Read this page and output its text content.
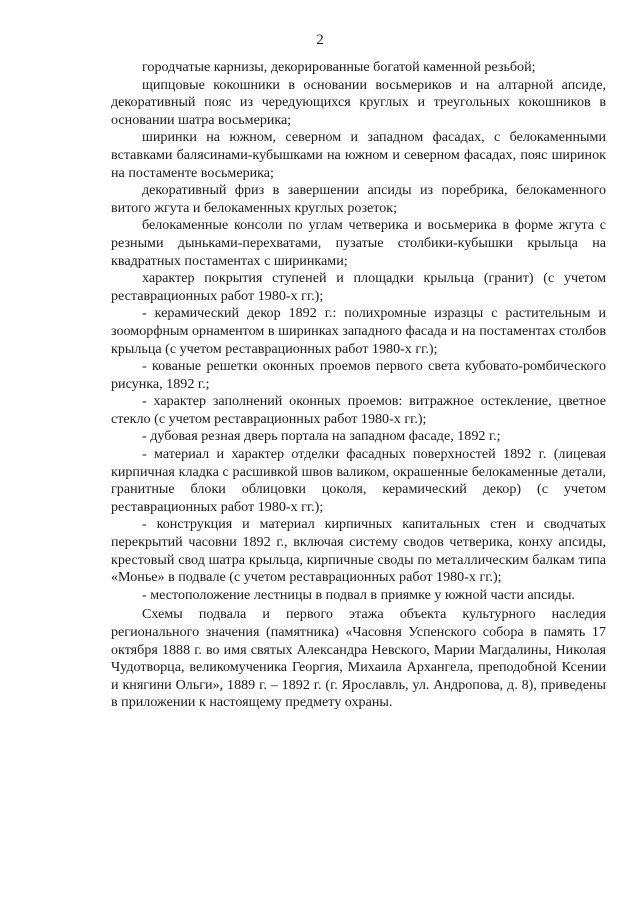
2

городчатые карнизы, декорированные богатой каменной резьбой;

щипцовые кокошники в основании восьмериков и на алтарной апсиде, декоративный пояс из чередующихся круглых и треугольных кокошников в основании шатра восьмерика;

ширинки на южном, северном и западном фасадах, с белокаменными вставками балясинами-кубышками на южном и северном фасадах, пояс ширинок на постаменте восьмерика;

декоративный фриз в завершении апсиды из поребрика, белокаменного витого жгута и белокаменных круглых розеток;

белокаменные консоли по углам четверика и восьмерика в форме жгута с резными дыньками-перехватами, пузатые столбики-кубышки крыльца на квадратных постаментах с ширинками;

характер покрытия ступеней и площадки крыльца (гранит) (с учетом реставрационных работ 1980-х гг.);

- керамический декор 1892 г.: полихромные изразцы с растительным и зооморфным орнаментом в ширинках западного фасада и на постаментах столбов крыльца (с учетом реставрационных работ 1980-х гг.);

- кованые решетки оконных проемов первого света кубовато-ромбического рисунка, 1892 г.;

- характер заполнений оконных проемов: витражное остекление, цветное стекло (с учетом реставрационных работ 1980-х гг.);

- дубовая резная дверь портала на западном фасаде, 1892 г.;

- материал и характер отделки фасадных поверхностей 1892 г. (лицевая кирпичная кладка с расшивкой швов валиком, окрашенные белокаменные детали, гранитные блоки облицовки цоколя, керамический декор) (с учетом реставрационных работ 1980-х гг.);

- конструкция и материал кирпичных капитальных стен и сводчатых перекрытий часовни 1892 г., включая систему сводов четверика, конху апсиды, крестовый свод шатра крыльца, кирпичные своды по металлическим балкам типа «Монье» в подвале (с учетом реставрационных работ 1980-х гг.);

- местоположение лестницы в подвал в приямке у южной части апсиды.

Схемы подвала и первого этажа объекта культурного наследия регионального значения (памятника) «Часовня Успенского собора в память 17 октября 1888 г. во имя святых Александра Невского, Марии Магдалины, Николая Чудотворца, великомученика Георгия, Михаила Архангела, преподобной Ксении и княгини Ольги», 1889 г. – 1892 г. (г. Ярославль, ул. Андропова, д. 8), приведены в приложении к настоящему предмету охраны.
